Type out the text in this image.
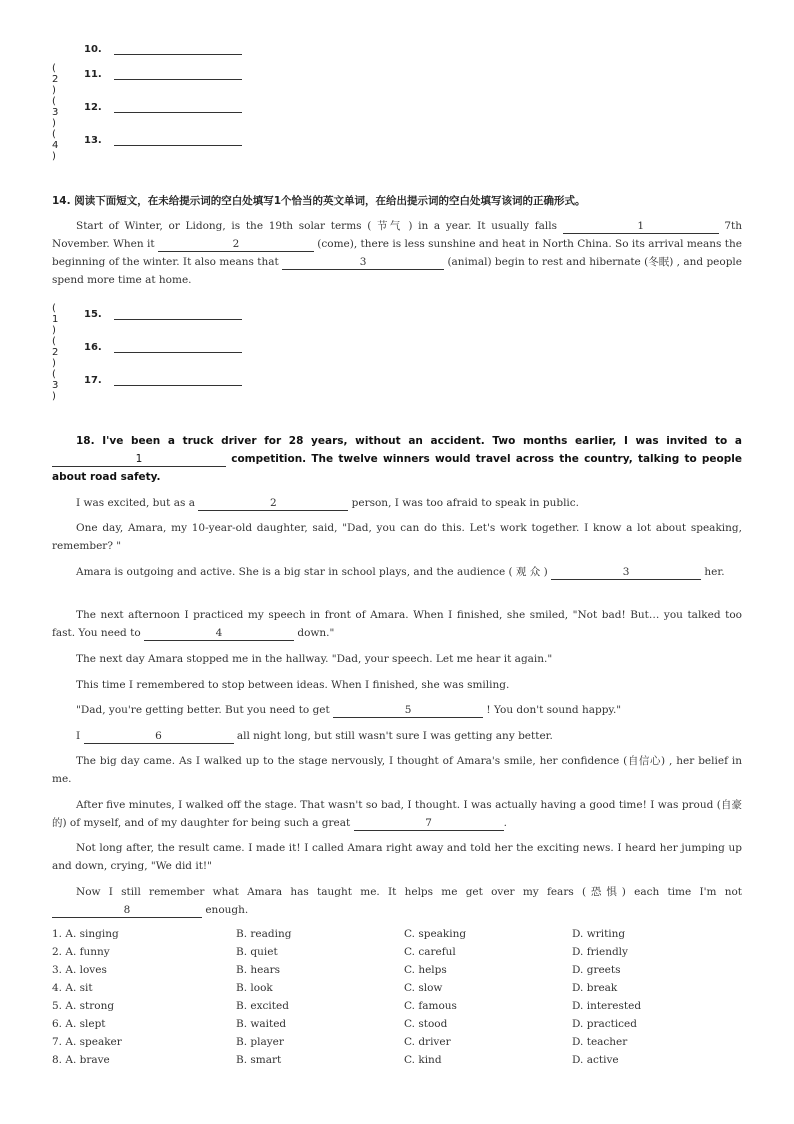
10.
( 2 )
11.
( 3 )
12.
( 4 )
13.
14. 阅读下面短文，在未给提示词的空白处填写1个恰当的英文单词，在给出提示词的空白处填写该词的正确形式。
Start of Winter, or Lidong, is the 19th solar terms ( 节气 ) in a year. It usually falls	1	7th November. When it	2	(come), there is less sunshine and heat in North China. So its arrival means the beginning of the winter. It also means that	3	(animal) begin to rest and hibernate (冬眠) , and people spend more time at home.
( 1 )
15.
( 2 )
16.
( 3 )
17.
18. I've been a truck driver for 28 years, without an accident. Two months earlier, I was invited to a 1	competition. The twelve winners would travel across the country, talking to people about road safety.
I was excited, but as a	2	person, I was too afraid to speak in public.
One day, Amara, my 10-year-old daughter, said, "Dad, you can do this. Let's work together. I know a lot about speaking, remember? "
Amara is outgoing and active. She is a big star in school plays, and the audience ( 观 众 )	3	her.
The next afternoon I practiced my speech in front of Amara. When I finished, she smiled, "Not bad! But… you talked too fast. You need to	4	down."
The next day Amara stopped me in the hallway. "Dad, your speech. Let me hear it again."
This time I remembered to stop between ideas. When I finished, she was smiling.
"Dad, you're getting better. But you need to get	5	! You don't sound happy."
I	6	all night long, but still wasn't sure I was getting any better.
The big day came. As I walked up to the stage nervously, I thought of Amara's smile, her confidence (自信心) , her belief in me.
After five minutes, I walked off the stage. That wasn't so bad, I thought. I was actually having a good time! I was proud (自豪的) of myself, and of my daughter for being such a great	7	.
Not long after, the result came. I made it! I called Amara right away and told her the exciting news. I heard her jumping up and down, crying, "We did it!"
Now I still remember what Amara has taught me. It helps me get over my fears (恐惧) each time I'm not 8	enough.
1. A. singing	B. reading	C. speaking	D. writing
2. A. funny	B. quiet	C. careful	D. friendly
3. A. loves	B. hears	C. helps	D. greets
4. A. sit	B. look	C. slow	D. break
5. A. strong	B. excited	C. famous	D. interested
6. A. slept	B. waited	C. stood	D. practiced
7. A. speaker	B. player	C. driver	D. teacher
8. A. brave	B. smart	C. kind	D. active
